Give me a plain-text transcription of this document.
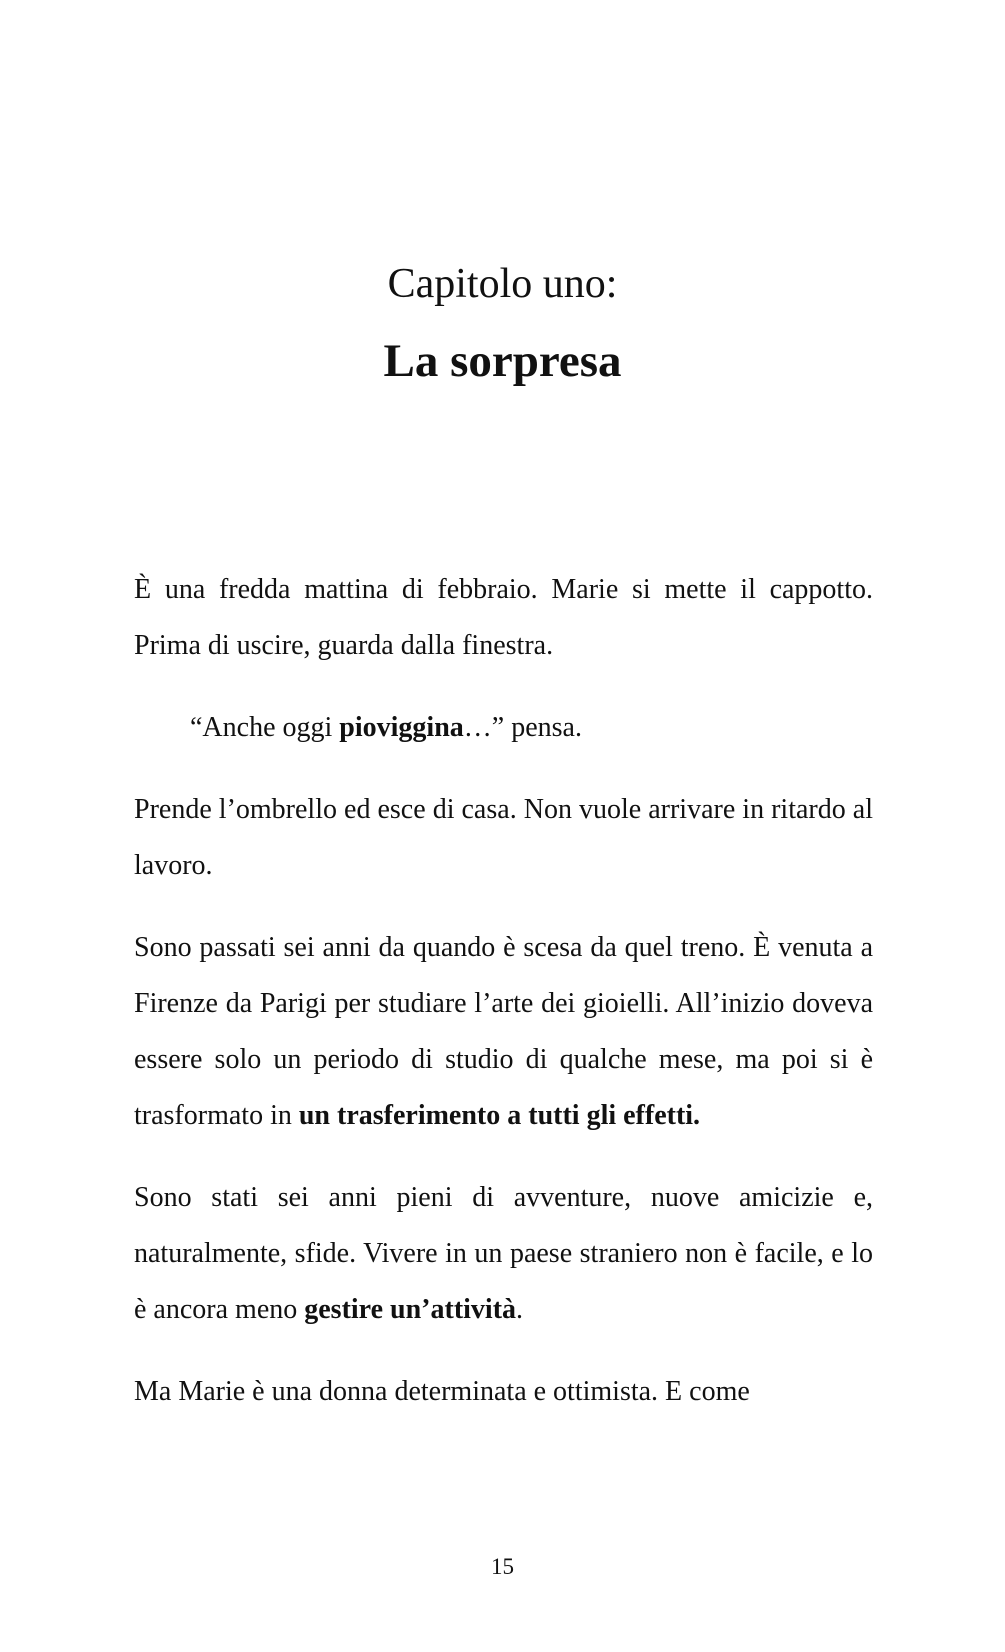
Capitolo uno:
La sorpresa

È una fredda mattina di febbraio. Marie si mette il cappotto. Prima di uscire, guarda dalla finestra.

“Anche oggi pioviggina…” pensa.

Prende l’ombrello ed esce di casa. Non vuole arrivare in ritardo al lavoro.

Sono passati sei anni da quando è scesa da quel treno. È venuta a Firenze da Parigi per studiare l’arte dei gioielli. All’inizio doveva essere solo un periodo di studio di qualche mese, ma poi si è trasformato in un trasferimento a tutti gli effetti.

Sono stati sei anni pieni di avventure, nuove amicizie e, naturalmente, sfide. Vivere in un paese straniero non è facile, e lo è ancora meno gestire un’attività.

Ma Marie è una donna determinata e ottimista. E come

15
